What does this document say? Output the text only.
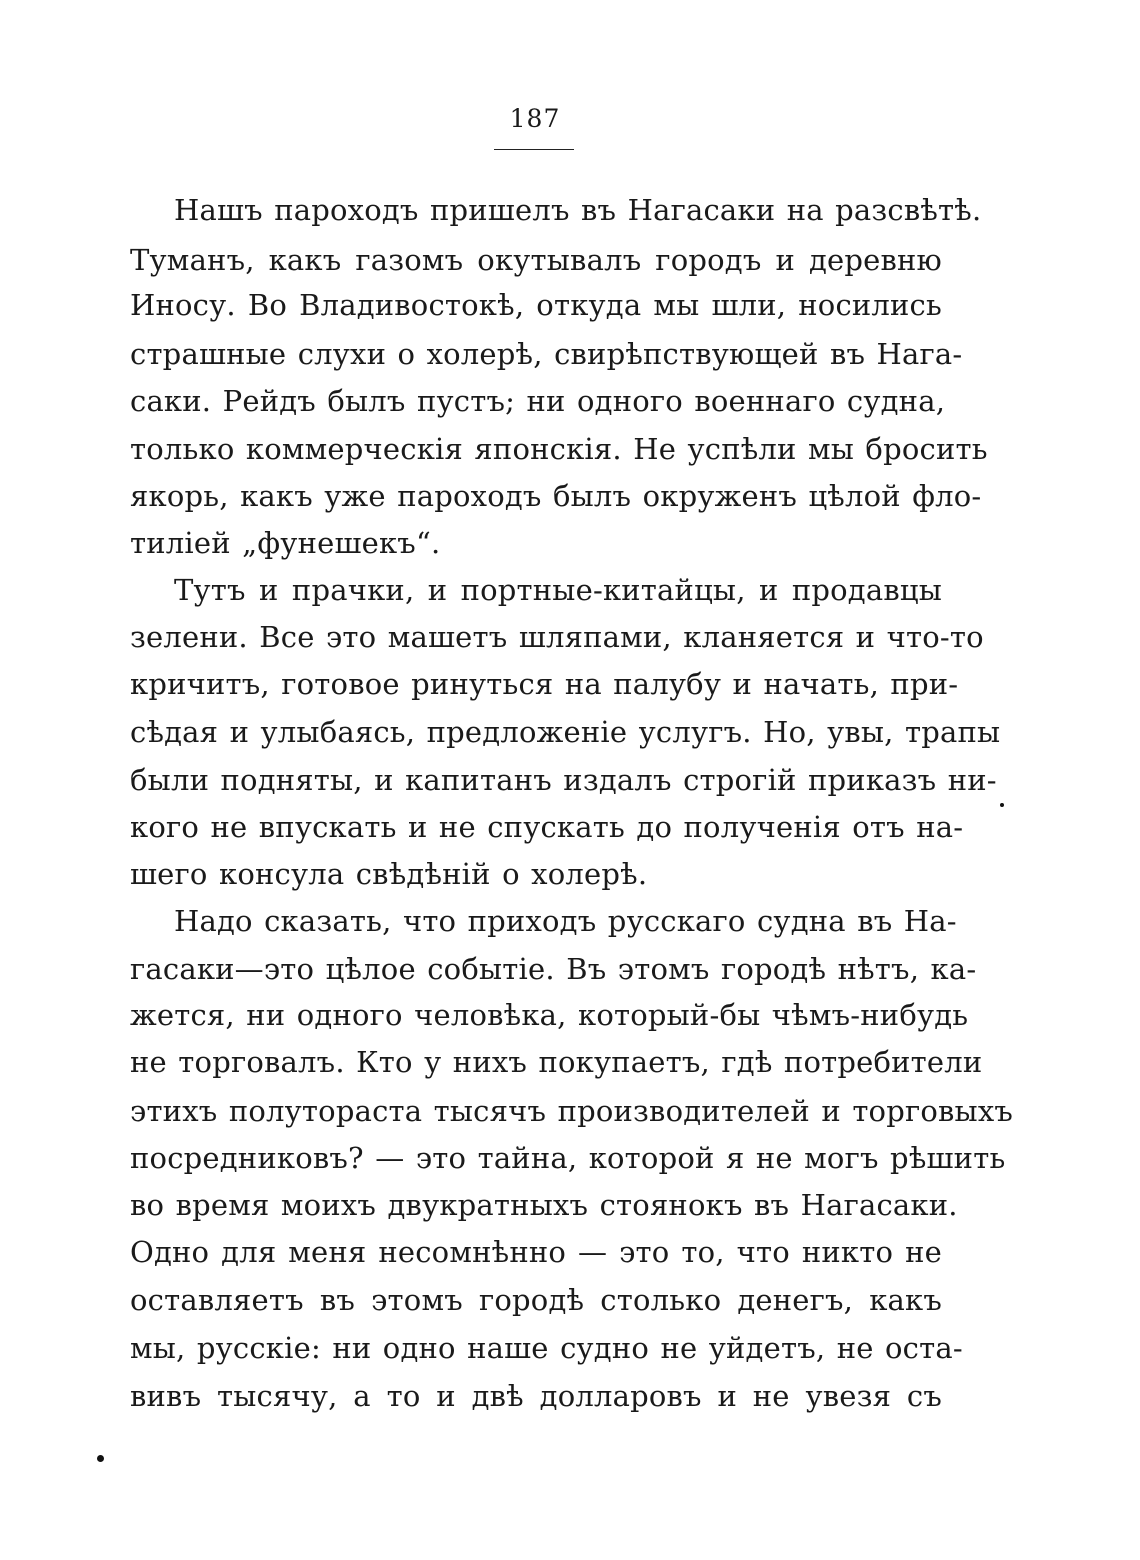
187
Нашъ пароходъ пришелъ въ Нагасаки на разсвѣтѣ.
Туманъ, какъ газомъ окутывалъ городъ и деревню
Иносу. Во Владивостокѣ, откуда мы шли, носились
страшные слухи о холерѣ, свирѣпствующей въ Нага-
саки. Рейдъ былъ пустъ; ни одного военнаго судна,
только коммерческія японскія. Не успѣли мы бросить
якорь, какъ уже пароходъ былъ окруженъ цѣлой фло-
тиліей „фунешекъ“.
Тутъ и прачки, и портные-китайцы, и продавцы
зелени. Все это машетъ шляпами, кланяется и что-то
кричитъ, готовое ринуться на палубу и начать, при-
сѣдая и улыбаясь, предложеніе услугъ. Но, увы, трапы
были подняты, и капитанъ издалъ строгій приказъ ни-
кого не впускать и не спускать до полученія отъ на-
шего консула свѣдѣній о холерѣ.
Надо сказать, что приходъ русскаго судна въ На-
гасаки—это цѣлое событіе. Въ этомъ городѣ нѣтъ, ка-
жется, ни одного человѣка, который-бы чѣмъ-нибудь
не торговалъ. Кто у нихъ покупаетъ, гдѣ потребители
этихъ полутораста тысячъ производителей и торговыхъ
посредниковъ? — это тайна, которой я не могъ рѣшить
во время моихъ двукратныхъ стоянокъ въ Нагасаки.
Одно для меня несомнѣнно — это то, что никто не
оставляетъ въ этомъ городѣ столько денегъ, какъ
мы, русскіе: ни одно наше судно не уйдетъ, не оста-
вивъ тысячу, а то и двѣ долларовъ и не увезя съ
